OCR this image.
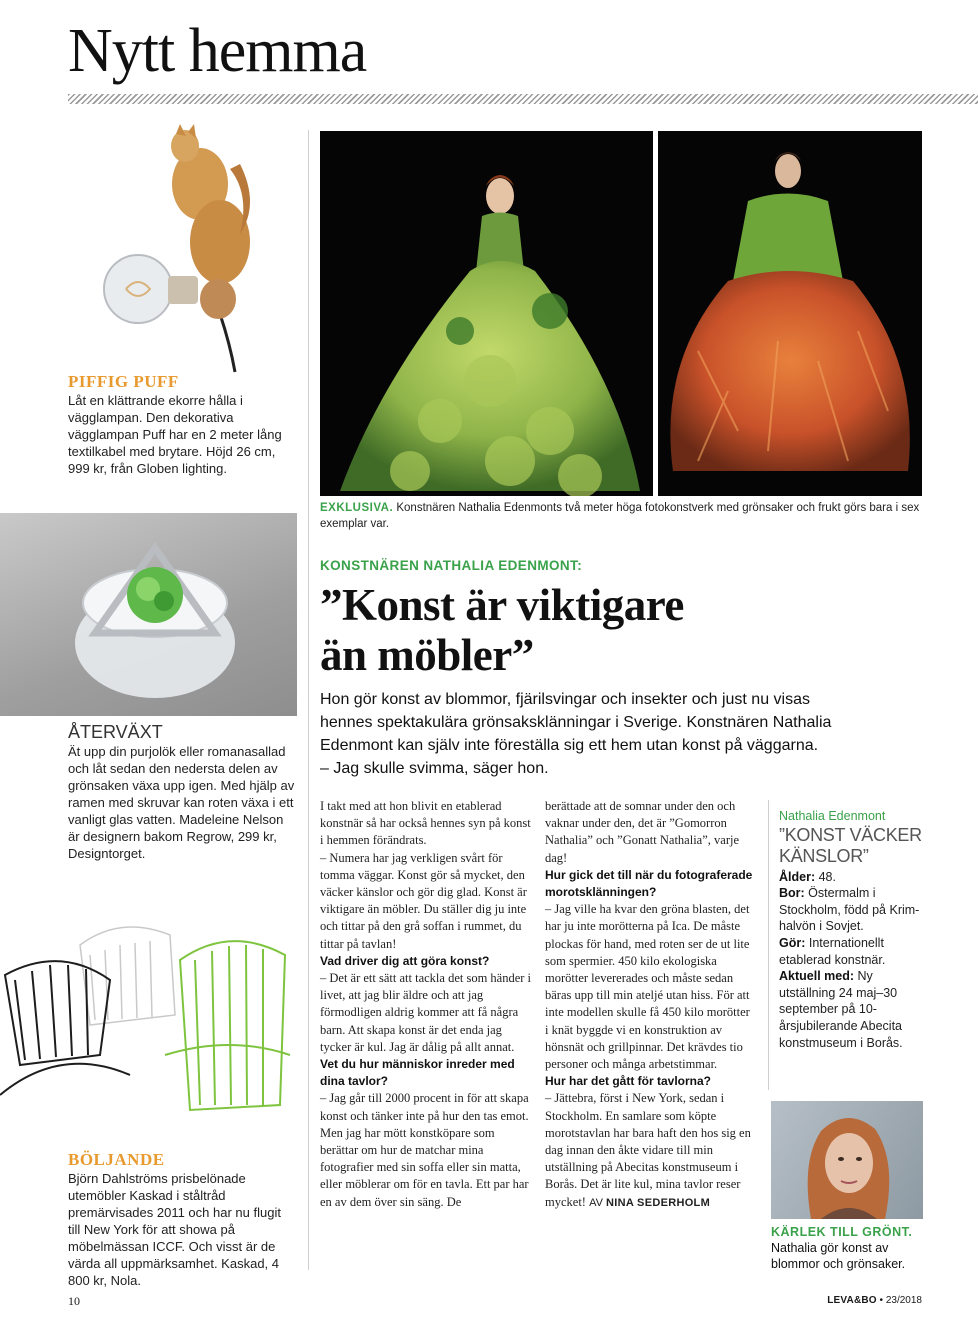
Nytt hemma
PIFFIG PUFF
Låt en klättrande ekorre hålla i vägglampan. Den dekorativa vägglampan Puff har en 2 meter lång textilkabel med brytare. Höjd 26 cm, 999 kr, från Globen lighting.
ÅTERVÄXT
Ät upp din purjolök eller romanasallad och låt sedan den nedersta delen av grönsaken växa upp igen. Med hjälp av ramen med skruvar kan roten växa i ett vanligt glas vatten. Madeleine Nelson är designern bakom Regrow, 299 kr, Designtorget.
BÖLJANDE
Björn Dahlströms prisbelönade utemöbler Kaskad i ståltråd premärvisades 2011 och har nu flugit till New York för att showa på möbelmässan ICCF. Och visst är de värda all uppmärksamhet. Kaskad, 4 800 kr, Nola.

EXKLUSIVA. Konstnären Nathalia Edenmonts två meter höga fotokonstverk med grönsaker och frukt görs bara i sex exemplar var.

KONSTNÄREN NATHALIA EDENMONT:
”Konst är viktigare
än möbler”
Hon gör konst av blommor, fjärilsvingar och insekter och just nu visas
hennes spektakulära grönsaksklänningar i Sverige. Konstnären Nathalia
Edenmont kan själv inte föreställa sig ett hem utan konst på väggarna.
– Jag skulle svimma, säger hon.

I takt med att hon blivit en etablerad konstnär så har också hennes syn på konst i hemmen förändrats.

– Numera har jag verkligen svårt för tomma väggar. Konst gör så mycket, den väcker känslor och gör dig glad. Konst är viktigare än möbler. Du ställer dig ju inte och tittar på den grå soffan i rummet, du tittar på tavlan!

Vad driver dig att göra konst?

– Det är ett sätt att tackla det som händer i livet, att jag blir äldre och att jag förmodligen aldrig kommer att få några barn. Att skapa konst är det enda jag tycker är kul. Jag är dålig på allt annat.

Vet du hur människor inreder med dina tavlor?

– Jag går till 2000 procent in för att skapa konst och tänker inte på hur den tas emot. Men jag har mött konstköpare som berättar om hur de matchar mina fotografier med sin soffa eller sin matta, eller möblerar om för en tavla. Ett par har en av dem över sin säng. De

berättade att de somnar under den och vaknar under den, det är ”Gomorron Nathalia” och ”Gonatt Nathalia”, varje dag!

Hur gick det till när du fotograferade morotsklänningen?

– Jag ville ha kvar den gröna blasten, det har ju inte morötterna på Ica. De måste plockas för hand, med roten ser de ut lite som spermier. 450 kilo ekologiska morötter levererades och måste sedan bäras upp till min ateljé utan hiss. För att inte modellen skulle få 450 kilo morötter i knät byggde vi en konstruktion av hönsnät och grillpinnar. Det krävdes tio personer och många arbetstimmar.

Hur har det gått för tavlorna?

– Jättebra, först i New York, sedan i Stockholm. En samlare som köpte morotstavlan har bara haft den hos sig en dag innan den åkte vidare till min utställning på Abecitas konstmuseum i Borås. Det är lite kul, mina tavlor reser mycket! AV NINA SEDERHOLM

Nathalia Edenmont
”KONST VÄCKER
KÄNSLOR”
Ålder: 48.
Bor: Östermalm i Stockholm, född på Krim-halvön i Sovjet.
Gör: Internationellt etablerad konstnär.
Aktuell med: Ny utställning 24 maj–30 september på 10-årsjubilerande Abecita konstmuseum i Borås.
KÄRLEK TILL GRÖNT.
Nathalia gör konst av blommor och grönsaker.
10	LEVA&BO • 23/2018
